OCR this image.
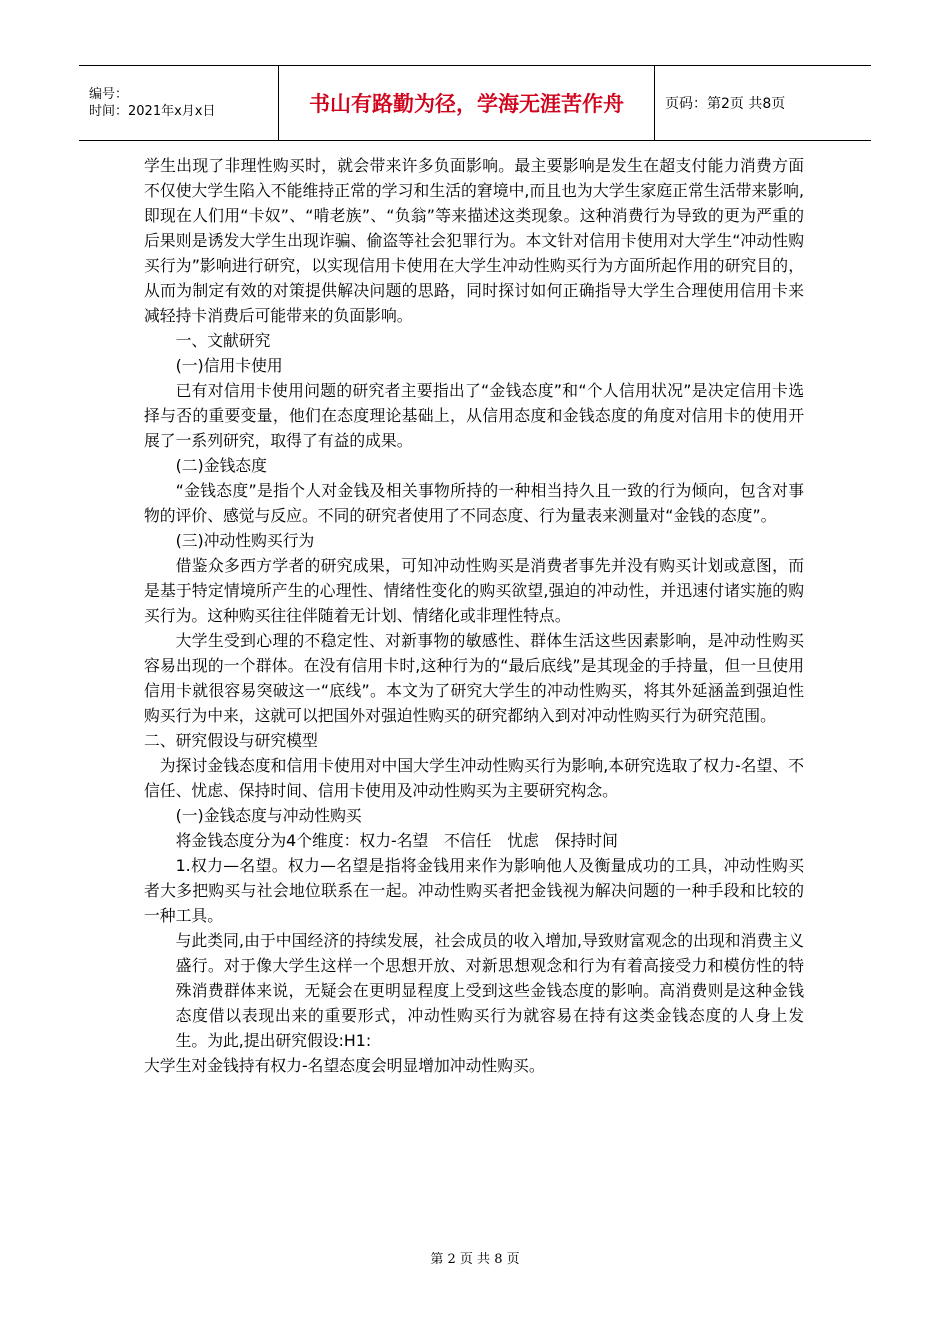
编号：
时间：2021年x月x日	书山有路勤为径，学海无涯苦作舟	页码：第2页 共8页

学生出现了非理性购买时，就会带来许多负面影响。最主要影响是发生在超支付能力消费方面不仅使大学生陷入不能维持正常的学习和生活的窘境中,而且也为大学生家庭正常生活带来影响,即现在人们用“卡奴”、“啃老族”、“负翁”等来描述这类现象。这种消费行为导致的更为严重的后果则是诱发大学生出现诈骗、偷盗等社会犯罪行为。本文针对信用卡使用对大学生“冲动性购买行为”影响进行研究，以实现信用卡使用在大学生冲动性购买行为方面所起作用的研究目的，从而为制定有效的对策提供解决问题的思路，同时探讨如何正确指导大学生合理使用信用卡来减轻持卡消费后可能带来的负面影响。

一、文献研究

(一)信用卡使用

已有对信用卡使用问题的研究者主要指出了“金钱态度”和“个人信用状况”是决定信用卡选择与否的重要变量，他们在态度理论基础上，从信用态度和金钱态度的角度对信用卡的使用开展了一系列研究，取得了有益的成果。

(二)金钱态度

“金钱态度”是指个人对金钱及相关事物所持的一种相当持久且一致的行为倾向，包含对事物的评价、感觉与反应。不同的研究者使用了不同态度、行为量表来测量对“金钱的态度”。

(三)冲动性购买行为

借鉴众多西方学者的研究成果，可知冲动性购买是消费者事先并没有购买计划或意图，而是基于特定情境所产生的心理性、情绪性变化的购买欲望,强迫的冲动性，并迅速付诸实施的购买行为。这种购买往往伴随着无计划、情绪化或非理性特点。

大学生受到心理的不稳定性、对新事物的敏感性、群体生活这些因素影响，是冲动性购买容易出现的一个群体。在没有信用卡时,这种行为的“最后底线”是其现金的手持量，但一旦使用信用卡就很容易突破这一“底线”。本文为了研究大学生的冲动性购买，将其外延涵盖到强迫性购买行为中来，这就可以把国外对强迫性购买的研究都纳入到对冲动性购买行为研究范围。

二、研究假设与研究模型

为探讨金钱态度和信用卡使用对中国大学生冲动性购买行为影响,本研究选取了权力-名望、不信任、忧虑、保持时间、信用卡使用及冲动性购买为主要研究构念。

(一)金钱态度与冲动性购买

将金钱态度分为4个维度：权力-名望　不信任　忧虑　保持时间

1.权力—名望。权力—名望是指将金钱用来作为影响他人及衡量成功的工具，冲动性购买者大多把购买与社会地位联系在一起。冲动性购买者把金钱视为解决问题的一种手段和比较的一种工具。

与此类同,由于中国经济的持续发展，社会成员的收入增加,导致财富观念的出现和消费主义盛行。对于像大学生这样一个思想开放、对新思想观念和行为有着高接受力和模仿性的特殊消费群体来说，无疑会在更明显程度上受到这些金钱态度的影响。高消费则是这种金钱态度借以表现出来的重要形式，冲动性购买行为就容易在持有这类金钱态度的人身上发生。为此,提出研究假设:H1:

大学生对金钱持有权力-名望态度会明显增加冲动性购买。

第 2 页 共 8 页
